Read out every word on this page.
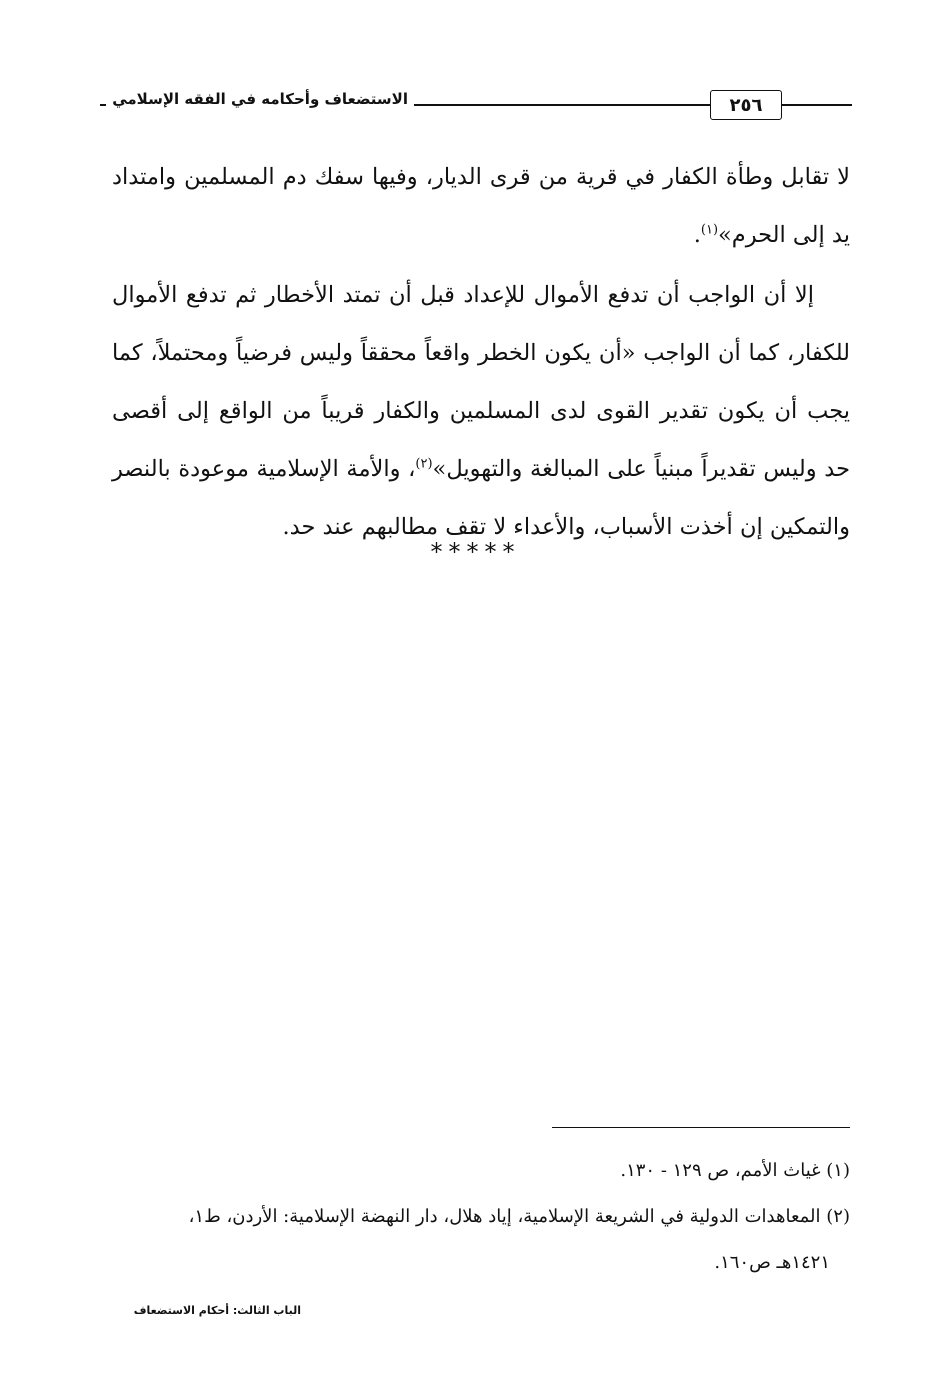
الاستضعاف وأحكامه في الفقه الإسلامي	٢٥٦

لا تقابل وطأة الكفار في قرية من قرى الديار، وفيها سفك دم المسلمين وامتداد يد إلى الحرم»$^{(١)}$.

إلا أن الواجب أن تدفع الأموال للإعداد قبل أن تمتد الأخطار ثم تدفع الأموال للكفار، كما أن الواجب «أن يكون الخطر واقعاً محققاً وليس فرضياً ومحتملاً، كما يجب أن يكون تقدير القوى لدى المسلمين والكفار قريباً من الواقع إلى أقصى حد وليس تقديراً مبنياً على المبالغة والتهويل»$^{(٢)}$، والأمة الإسلامية موعودة بالنصر والتمكين إن أخذت الأسباب، والأعداء لا تقف مطالبهم عند حد.

*****
(١) غياث الأمم، ص ١٢٩ - ١٣٠.
(٢) المعاهدات الدولية في الشريعة الإسلامية، إياد هلال، دار النهضة الإسلامية: الأردن، ط١،
١٤٢١هـ ص١٦٠.
الباب الثالث: أحكام الاستضعاف
